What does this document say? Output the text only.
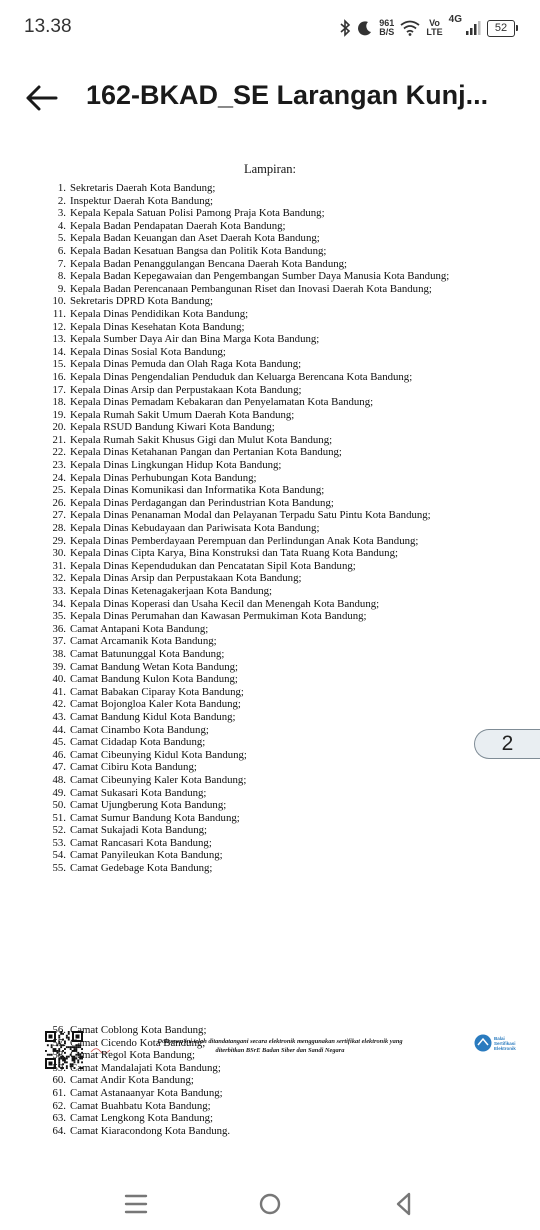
13.38	961
B/S
Vo
LTE
4G
52
162-BKAD_SE Larangan Kunj...
Lampiran:
1. Sekretaris Daerah Kota Bandung;
2. Inspektur Daerah Kota Bandung;
3. Kepala Kepala Satuan Polisi Pamong Praja Kota Bandung;
4. Kepala Badan Pendapatan Daerah Kota Bandung;
5. Kepala Badan Keuangan dan Aset Daerah Kota Bandung;
6. Kepala Badan Kesatuan Bangsa dan Politik Kota Bandung;
7. Kepala Badan Penanggulangan Bencana Daerah Kota Bandung;
8. Kepala Badan Kepegawaian dan Pengembangan Sumber Daya Manusia Kota Bandung;
9. Kepala Badan Perencanaan Pembangunan Riset dan Inovasi Daerah Kota Bandung;
10. Sekretaris DPRD Kota Bandung;
11. Kepala Dinas Pendidikan Kota Bandung;
12. Kepala Dinas Kesehatan Kota Bandung;
13. Kepala Sumber Daya Air dan Bina Marga Kota Bandung;
14. Kepala Dinas Sosial Kota Bandung;
15. Kepala Dinas Pemuda dan Olah Raga Kota Bandung;
16. Kepala Dinas Pengendalian Penduduk dan Keluarga Berencana Kota Bandung;
17. Kepala Dinas Arsip dan Perpustakaan Kota Bandung;
18. Kepala Dinas Pemadam Kebakaran dan Penyelamatan Kota Bandung;
19. Kepala Rumah Sakit Umum Daerah Kota Bandung;
20. Kepala RSUD Bandung Kiwari Kota Bandung;
21. Kepala Rumah Sakit Khusus Gigi dan Mulut Kota Bandung;
22. Kepala Dinas Ketahanan Pangan dan Pertanian Kota Bandung;
23. Kepala Dinas Lingkungan Hidup Kota Bandung;
24. Kepala Dinas Perhubungan Kota Bandung;
25. Kepala Dinas Komunikasi dan Informatika Kota Bandung;
26. Kepala Dinas Perdagangan dan Perindustrian Kota Bandung;
27. Kepala Dinas Penanaman Modal dan Pelayanan Terpadu Satu Pintu Kota Bandung;
28. Kepala Dinas Kebudayaan dan Pariwisata Kota Bandung;
29. Kepala Dinas Pemberdayaan Perempuan dan Perlindungan Anak Kota Bandung;
30. Kepala Dinas Cipta Karya, Bina Konstruksi dan Tata Ruang Kota Bandung;
31. Kepala Dinas Kependudukan dan Pencatatan Sipil Kota Bandung;
32. Kepala Dinas Arsip dan Perpustakaan Kota Bandung;
33. Kepala Dinas Ketenagakerjaan Kota Bandung;
34. Kepala Dinas Koperasi dan Usaha Kecil dan Menengah Kota Bandung;
35. Kepala Dinas Perumahan dan Kawasan Permukiman Kota Bandung;
36. Camat Antapani Kota Bandung;
37. Camat Arcamanik Kota Bandung;
38. Camat Batununggal Kota Bandung;
39. Camat Bandung Wetan Kota Bandung;
40. Camat Bandung Kulon Kota Bandung;
41. Camat Babakan Ciparay Kota Bandung;
42. Camat Bojongloa Kaler Kota Bandung;
43. Camat Bandung Kidul Kota Bandung;
44. Camat Cinambo Kota Bandung;
45. Camat Cidadap Kota Bandung;
46. Camat Cibeunying Kidul Kota Bandung;
47. Camat Cibiru Kota Bandung;
48. Camat Cibeunying Kaler Kota Bandung;
49. Camat Sukasari Kota Bandung;
50. Camat Ujungberung Kota Bandung;
51. Camat Sumur Bandung Kota Bandung;
52. Camat Sukajadi Kota Bandung;
53. Camat Rancasari Kota Bandung;
54. Camat Panyileukan Kota Bandung;
55. Camat Gedebage Kota Bandung;
Dokumen ini telah ditandatangani secara elektronik menggunakan sertifikat elektronik yang
diterbitkan BSrE Badan Siber dan Sandi Negara
Balai
Sertifikasi
Elektronik
2
56. Camat Coblong Kota Bandung;
57. Camat Cicendo Kota Bandung;
58. Camat Regol Kota Bandung;
59. Camat Mandalajati Kota Bandung;
60. Camat Andir Kota Bandung;
61. Camat Astanaanyar Kota Bandung;
62. Camat Buahbatu Kota Bandung;
63. Camat Lengkong Kota Bandung;
64. Camat Kiaracondong Kota Bandung.
